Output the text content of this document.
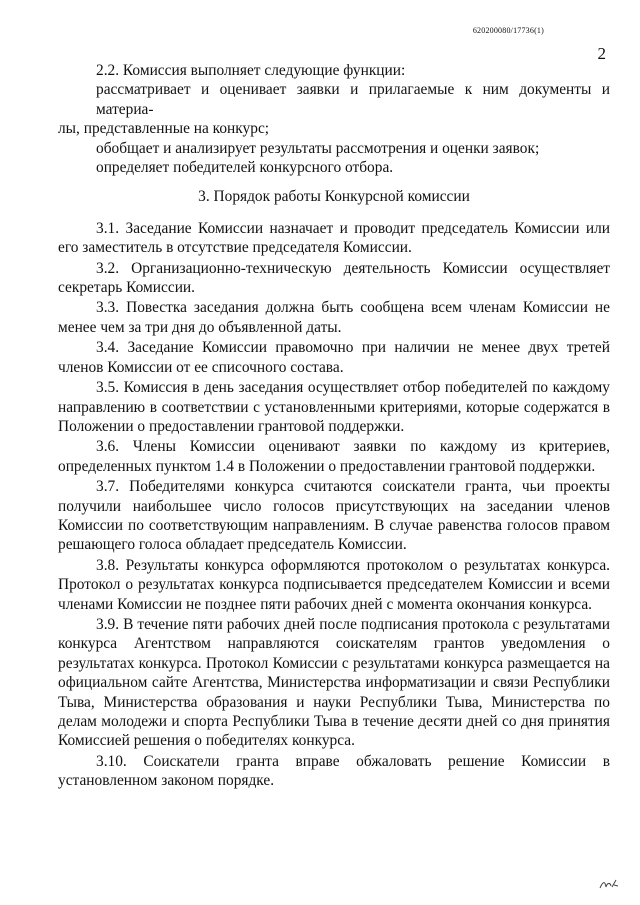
620200080/17736(1)
2

2.2. Комиссия выполняет следующие функции:

рассматривает и оценивает заявки и прилагаемые к ним документы и материа-

лы, представленные на конкурс;

обобщает и анализирует результаты рассмотрения и оценки заявок;

определяет победителей конкурсного отбора.

3. Порядок работы Конкурсной комиссии

3.1. Заседание Комиссии назначает и проводит председатель Комиссии или его заместитель в отсутствие председателя Комиссии.

3.2. Организационно-техническую деятельность Комиссии осуществляет секретарь Комиссии.

3.3. Повестка заседания должна быть сообщена всем членам Комиссии не менее чем за три дня до объявленной даты.

3.4. Заседание Комиссии правомочно при наличии не менее двух третей членов Комиссии от ее списочного состава.

3.5. Комиссия в день заседания осуществляет отбор победителей по каждому направлению в соответствии с установленными критериями, которые содержатся в Положении о предоставлении грантовой поддержки.

3.6. Члены Комиссии оценивают заявки по каждому из критериев, определенных пунктом 1.4 в Положении о предоставлении грантовой поддержки.

3.7. Победителями конкурса считаются соискатели гранта, чьи проекты получили наибольшее число голосов присутствующих на заседании членов Комиссии по соответствующим направлениям. В случае равенства голосов правом решающего голоса обладает председатель Комиссии.

3.8. Результаты конкурса оформляются протоколом о результатах конкурса. Протокол о результатах конкурса подписывается председателем Комиссии и всеми членами Комиссии не позднее пяти рабочих дней с момента окончания конкурса.

3.9. В течение пяти рабочих дней после подписания протокола с результатами конкурса Агентством направляются соискателям грантов уведомления о результатах конкурса. Протокол Комиссии с результатами конкурса размещается на официальном сайте Агентства, Министерства информатизации и связи Республики Тыва, Министерства образования и науки Республики Тыва, Министерства по делам молодежи и спорта Республики Тыва в течение десяти дней со дня принятия Комиссией решения о победителях конкурса.

3.10. Соискатели гранта вправе обжаловать решение Комиссии в установленном законом порядке.
